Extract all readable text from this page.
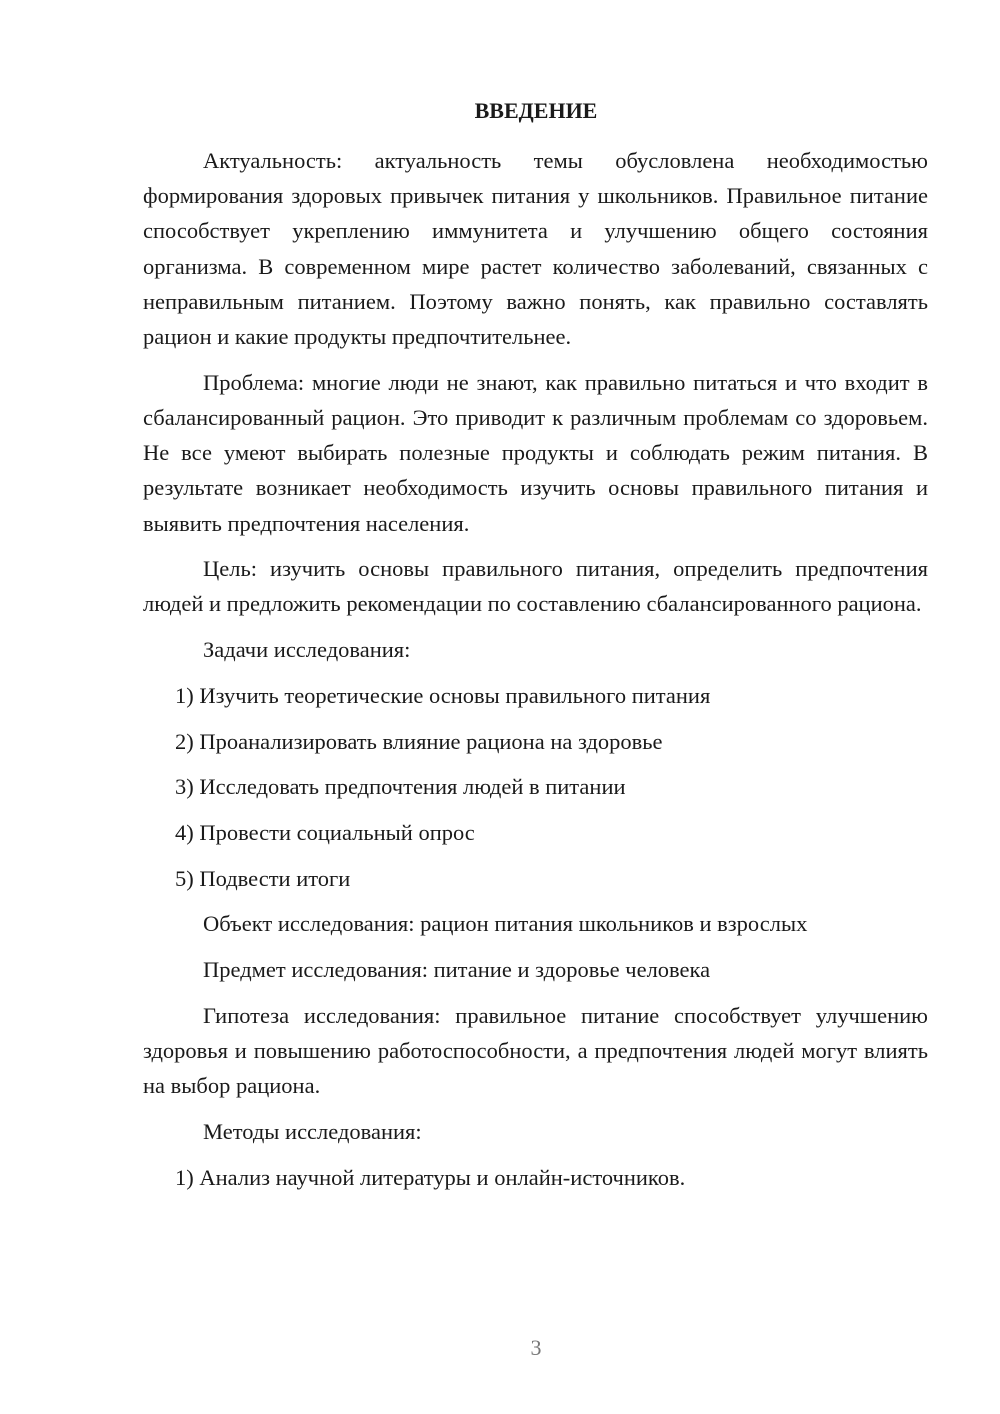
ВВЕДЕНИЕ

Актуальность: актуальность темы обусловлена необходимостью формирования здоровых привычек питания у школьников. Правильное питание способствует укреплению иммунитета и улучшению общего состояния организма. В современном мире растет количество заболеваний, связанных с неправильным питанием. Поэтому важно понять, как правильно составлять рацион и какие продукты предпочтительнее.

Проблема: многие люди не знают, как правильно питаться и что входит в сбалансированный рацион. Это приводит к различным проблемам со здоровьем. Не все умеют выбирать полезные продукты и соблюдать режим питания. В результате возникает необходимость изучить основы правильного питания и выявить предпочтения населения.

Цель: изучить основы правильного питания, определить предпочтения людей и предложить рекомендации по составлению сбалансированного рациона.

Задачи исследования:

1) Изучить теоретические основы правильного питания
2) Проанализировать влияние рациона на здоровье
3) Исследовать предпочтения людей в питании
4) Провести социальный опрос
5) Подвести итоги

Объект исследования: рацион питания школьников и взрослых

Предмет исследования: питание и здоровье человека

Гипотеза исследования: правильное питание способствует улучшению здоровья и повышению работоспособности, а предпочтения людей могут влиять на выбор рациона.

Методы исследования:

1) Анализ научной литературы и онлайн-источников.
3
